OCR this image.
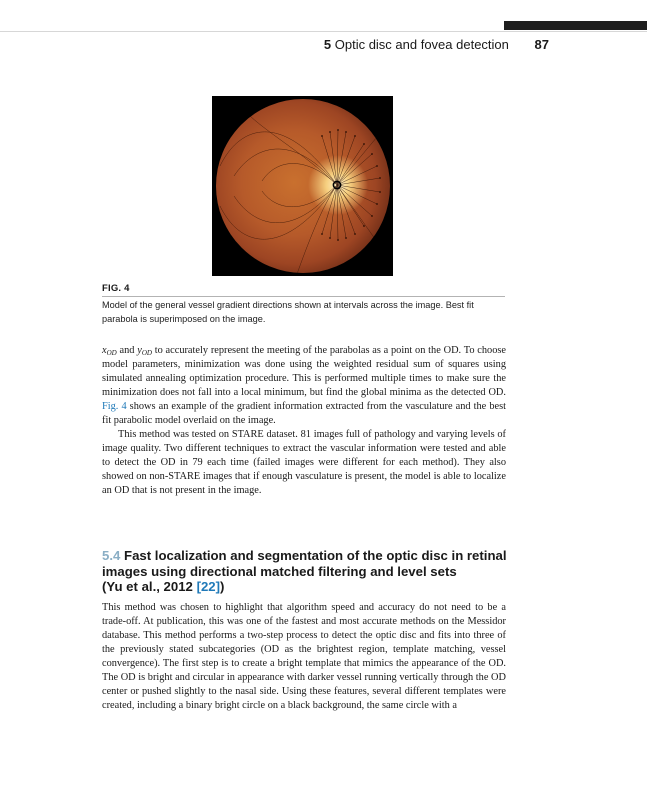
5 Optic disc and fovea detection 87
FIG. 4
Model of the general vessel gradient directions shown at intervals across the image. Best fit parabola is superimposed on the image.

$x_{OD}$ and $y_{OD}$ to accurately represent the meeting of the parabolas as a point on the OD. To choose model parameters, minimization was done using the weighted residual sum of squares using simulated annealing optimization procedure. This is performed multiple times to make sure the minimization does not fall into a local minimum, but find the global minima as the detected OD. Fig. 4 shows an example of the gradient information extracted from the vasculature and the best fit parabolic model overlaid on the image.

This method was tested on STARE dataset. 81 images full of pathology and varying levels of image quality. Two different techniques to extract the vascular information were tested and able to detect the OD in 79 each time (failed images were different for each method). They also showed on non-STARE images that if enough vasculature is present, the model is able to localize an OD that is not present in the image.

5.4 Fast localization and segmentation of the optic disc in retinal images using directional matched filtering and level sets
(Yu et al., 2012 [22])

This method was chosen to highlight that algorithm speed and accuracy do not need to be a trade-off. At publication, this was one of the fastest and most accurate methods on the Messidor database. This method performs a two-step process to detect the optic disc and fits into three of the previously stated subcategories (OD as the brightest region, template matching, vessel convergence). The first step is to create a bright template that mimics the appearance of the OD. The OD is bright and circular in appearance with darker vessel running vertically through the OD center or pushed slightly to the nasal side. Using these features, several different templates were created, including a binary bright circle on a black background, the same circle with a
